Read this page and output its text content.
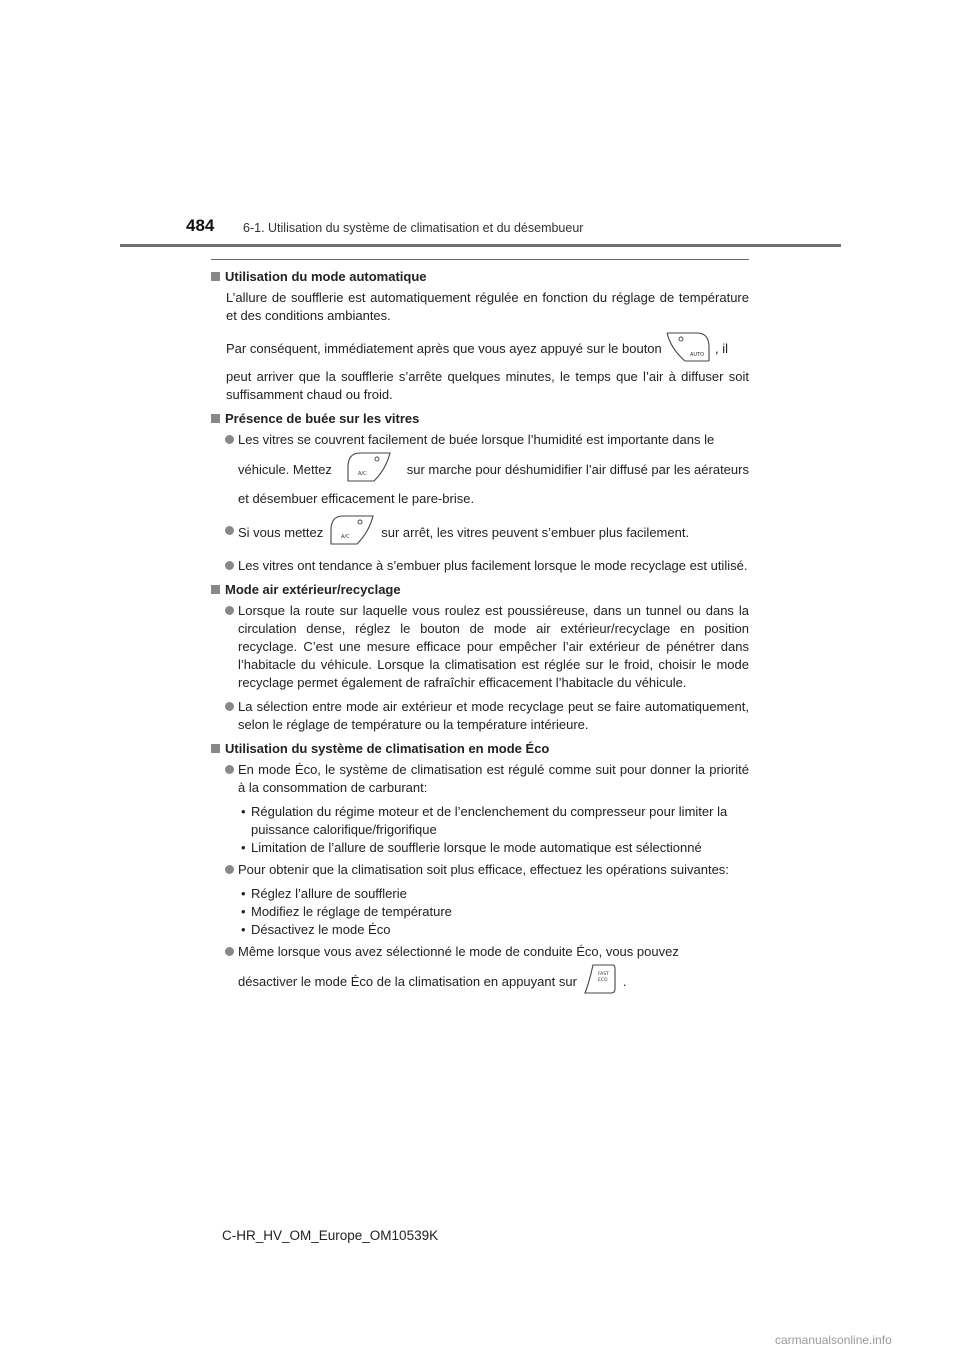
484 6-1. Utilisation du système de climatisation et du désembueur
Utilisation du mode automatique

L’allure de soufflerie est automatiquement régulée en fonction du réglage de température et des conditions ambiantes.

Par conséquent, immédiatement après que vous ayez appuyé sur le bouton	AUTO , il
peut arriver que la soufflerie s’arrête quelques minutes, le temps que l’air à diffuser soit suffisamment chaud ou froid.

Présence de buée sur les vitres
Les vitres se couvrent facilement de buée lorsque l’humidité est importante dans le

véhicule. Mettez	A/C	sur marche pour déshumidifier l’air diffusé par les aérateurs
et désembuer efficacement le pare-brise.
Si vous mettez	A/C sur arrêt, les vitres peuvent s’embuer plus facilement.
Les vitres ont tendance à s’embuer plus facilement lorsque le mode recyclage est utilisé.
Mode air extérieur/recyclage
Lorsque la route sur laquelle vous roulez est poussiéreuse, dans un tunnel ou dans la circulation dense, réglez le bouton de mode air extérieur/recyclage en position recyclage. C’est une mesure efficace pour empêcher l’air extérieur de pénétrer dans l’habitacle du véhicule. Lorsque la climatisation est réglée sur le froid, choisir le mode recyclage permet également de rafraîchir efficacement l’habitacle du véhicule.
La sélection entre mode air extérieur et mode recyclage peut se faire automatiquement, selon le réglage de température ou la température intérieure.
Utilisation du système de climatisation en mode Éco
En mode Éco, le système de climatisation est régulé comme suit pour donner la priorité à la consommation de carburant:
• Régulation du régime moteur et de l’enclenchement du compresseur pour limiter la puissance calorifique/frigorifique
• Limitation de l’allure de soufflerie lorsque le mode automatique est sélectionné
Pour obtenir que la climatisation soit plus efficace, effectuez les opérations suivantes:
• Réglez l’allure de soufflerie
• Modifiez le réglage de température
• Désactivez le mode Éco
Même lorsque vous avez sélectionné le mode de conduite Éco, vous pouvez

désactiver le mode Éco de la climatisation en appuyant sur	FAST
ECO .
C-HR_HV_OM_Europe_OM10539K
carmanualsonline.info
